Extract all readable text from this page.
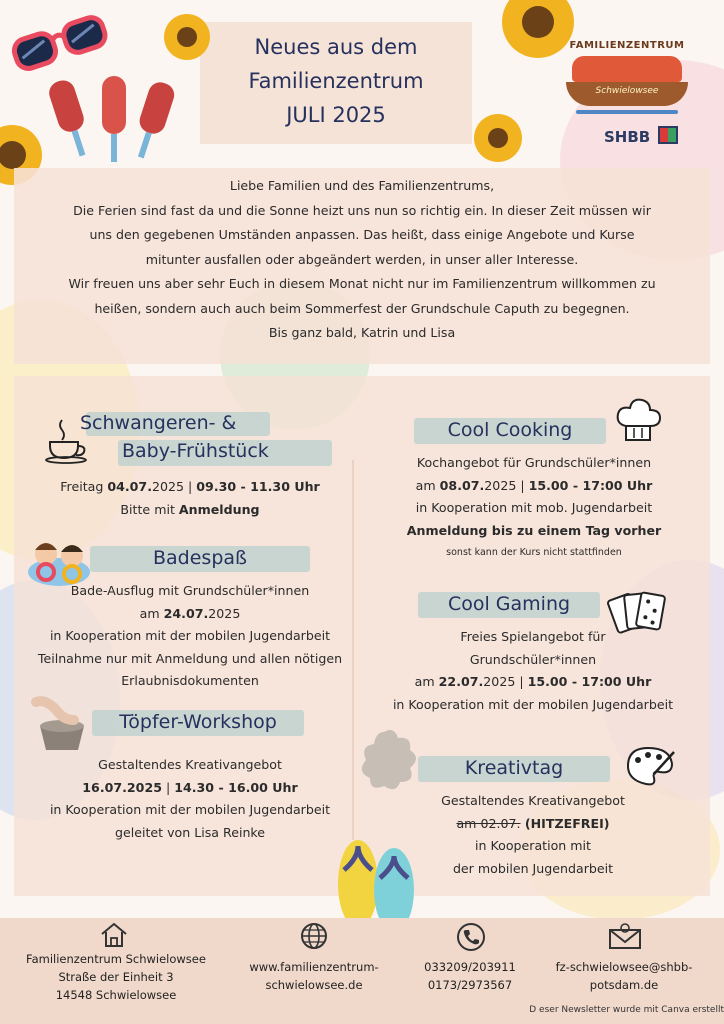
Neues aus dem
Familienzentrum
JULI 2025
FAMILIENZENTRUM
Schwielowsee
SHBB
Liebe Familien und des Familienzentrums,
Die Ferien sind fast da und die Sonne heizt uns nun so richtig ein. In dieser Zeit müssen wir
uns den gegebenen Umständen anpassen. Das heißt, dass einige Angebote und Kurse
mitunter ausfallen oder abgeändert werden, in unser aller Interesse.
Wir freuen uns aber sehr Euch in diesem Monat nicht nur im Familienzentrum willkommen zu
heißen, sondern auch auch beim Sommerfest der Grundschule Caputh zu begegnen.
Bis ganz bald, Katrin und Lisa
Schwangeren- &
Baby-Frühstück
Freitag 04.07.2025 | 09.30 - 11.30 Uhr
Bitte mit Anmeldung
Badespaß
Bade-Ausflug mit Grundschüler*innen
am 24.07.2025
in Kooperation mit der mobilen Jugendarbeit
Teilnahme nur mit Anmeldung und allen nötigen
Erlaubnisdokumenten
Töpfer-Workshop
Gestaltendes Kreativangebot
16.07.2025 | 14.30 - 16.00 Uhr
in Kooperation mit der mobilen Jugendarbeit
geleitet von Lisa Reinke
Cool Cooking
Kochangebot für Grundschüler*innen
am 08.07.2025 | 15.00 - 17:00 Uhr
in Kooperation mit mob. Jugendarbeit
Anmeldung bis zu einem Tag vorher
sonst kann der Kurs nicht stattfinden
Cool Gaming
Freies Spielangebot für
Grundschüler*innen
am 22.07.2025 | 15.00 - 17:00 Uhr
in Kooperation mit der mobilen Jugendarbeit
Kreativtag
Gestaltendes Kreativangebot
am 02.07. (HITZEFREI)
in Kooperation mit
der mobilen Jugendarbeit
Familienzentrum Schwielowsee
Straße der Einheit 3
14548 Schwielowsee
www.familienzentrum-
schwielowsee.de
033209/203911
0173/2973567
fz-schwielowsee@shbb-
potsdam.de
D eser Newsletter wurde mit Canva erstellt
